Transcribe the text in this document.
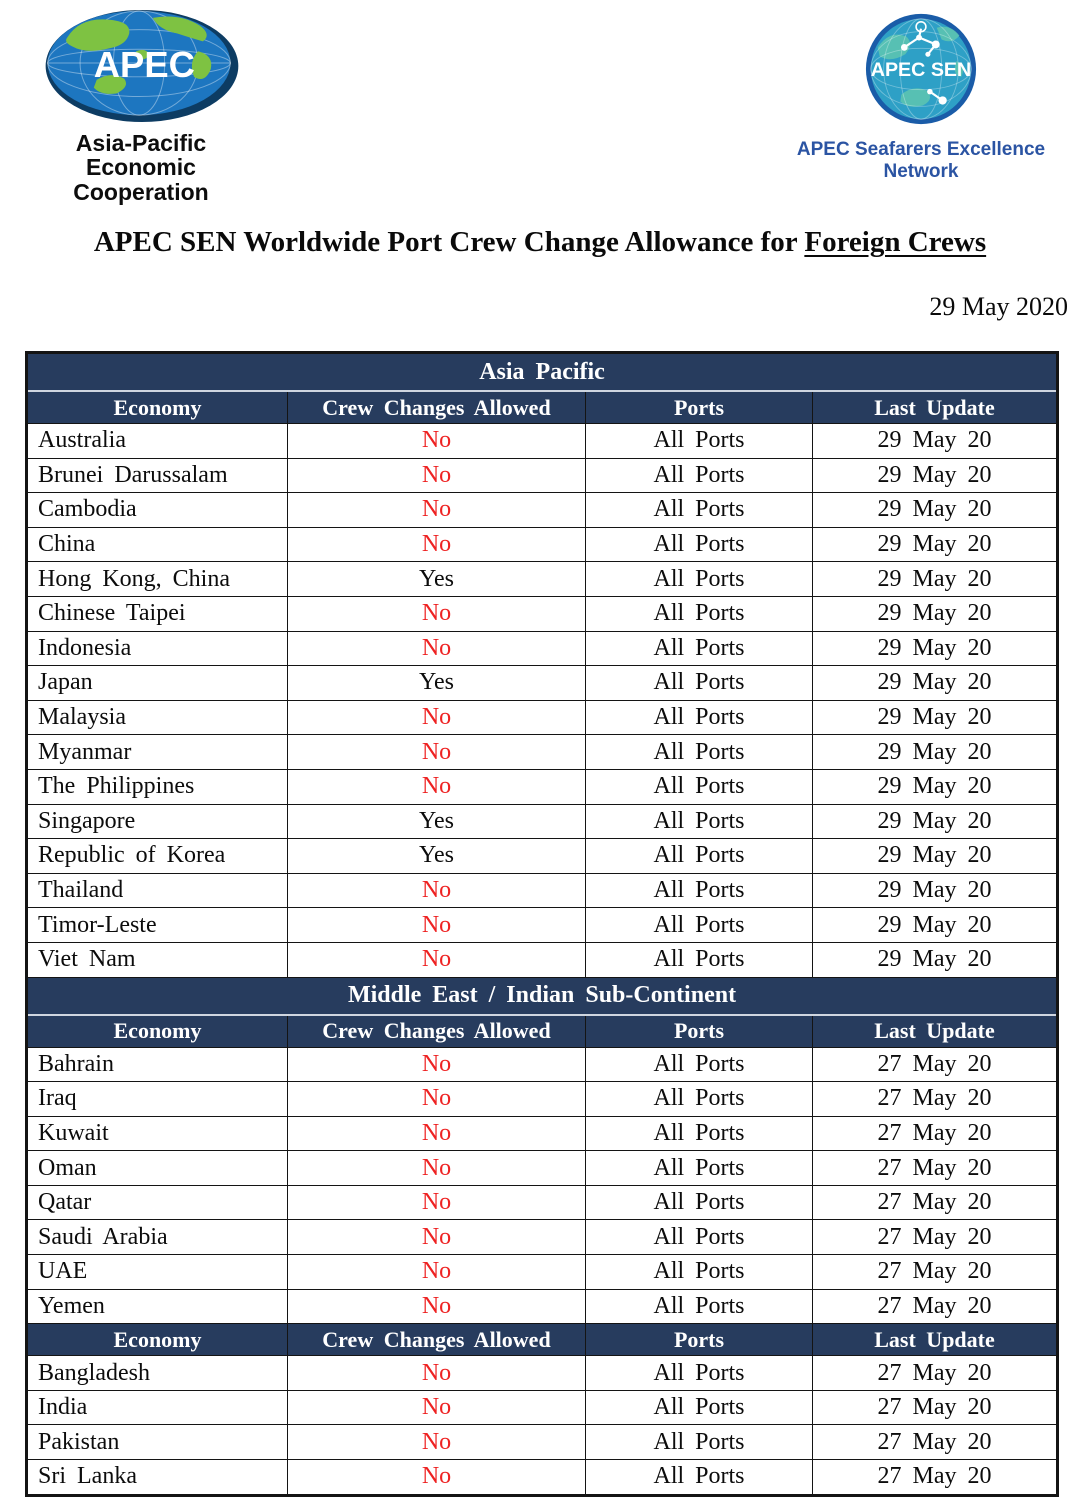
APEC
Asia-Pacific
Economic Cooperation
APEC SEN
APEC Seafarers Excellence Network
APEC SEN Worldwide Port Crew Change Allowance for Foreign Crews
29 May 2020
Asia Pacific			
Economy	Crew Changes Allowed	Ports	Last Update
Australia	No	All Ports	29 May 20
Brunei Darussalam	No	All Ports	29 May 20
Cambodia	No	All Ports	29 May 20
China	No	All Ports	29 May 20
Hong Kong, China	Yes	All Ports	29 May 20
Chinese Taipei	No	All Ports	29 May 20
Indonesia	No	All Ports	29 May 20
Japan	Yes	All Ports	29 May 20
Malaysia	No	All Ports	29 May 20
Myanmar	No	All Ports	29 May 20
The Philippines	No	All Ports	29 May 20
Singapore	Yes	All Ports	29 May 20
Republic of Korea	Yes	All Ports	29 May 20
Thailand	No	All Ports	29 May 20
Timor-Leste	No	All Ports	29 May 20
Viet Nam	No	All Ports	29 May 20
Middle East / Indian Sub-Continent			
Economy	Crew Changes Allowed	Ports	Last Update
Bahrain	No	All Ports	27 May 20
Iraq	No	All Ports	27 May 20
Kuwait	No	All Ports	27 May 20
Oman	No	All Ports	27 May 20
Qatar	No	All Ports	27 May 20
Saudi Arabia	No	All Ports	27 May 20
UAE	No	All Ports	27 May 20
Yemen	No	All Ports	27 May 20
Economy	Crew Changes Allowed	Ports	Last Update
Bangladesh	No	All Ports	27 May 20
India	No	All Ports	27 May 20
Pakistan	No	All Ports	27 May 20
Sri Lanka	No	All Ports	27 May 20
